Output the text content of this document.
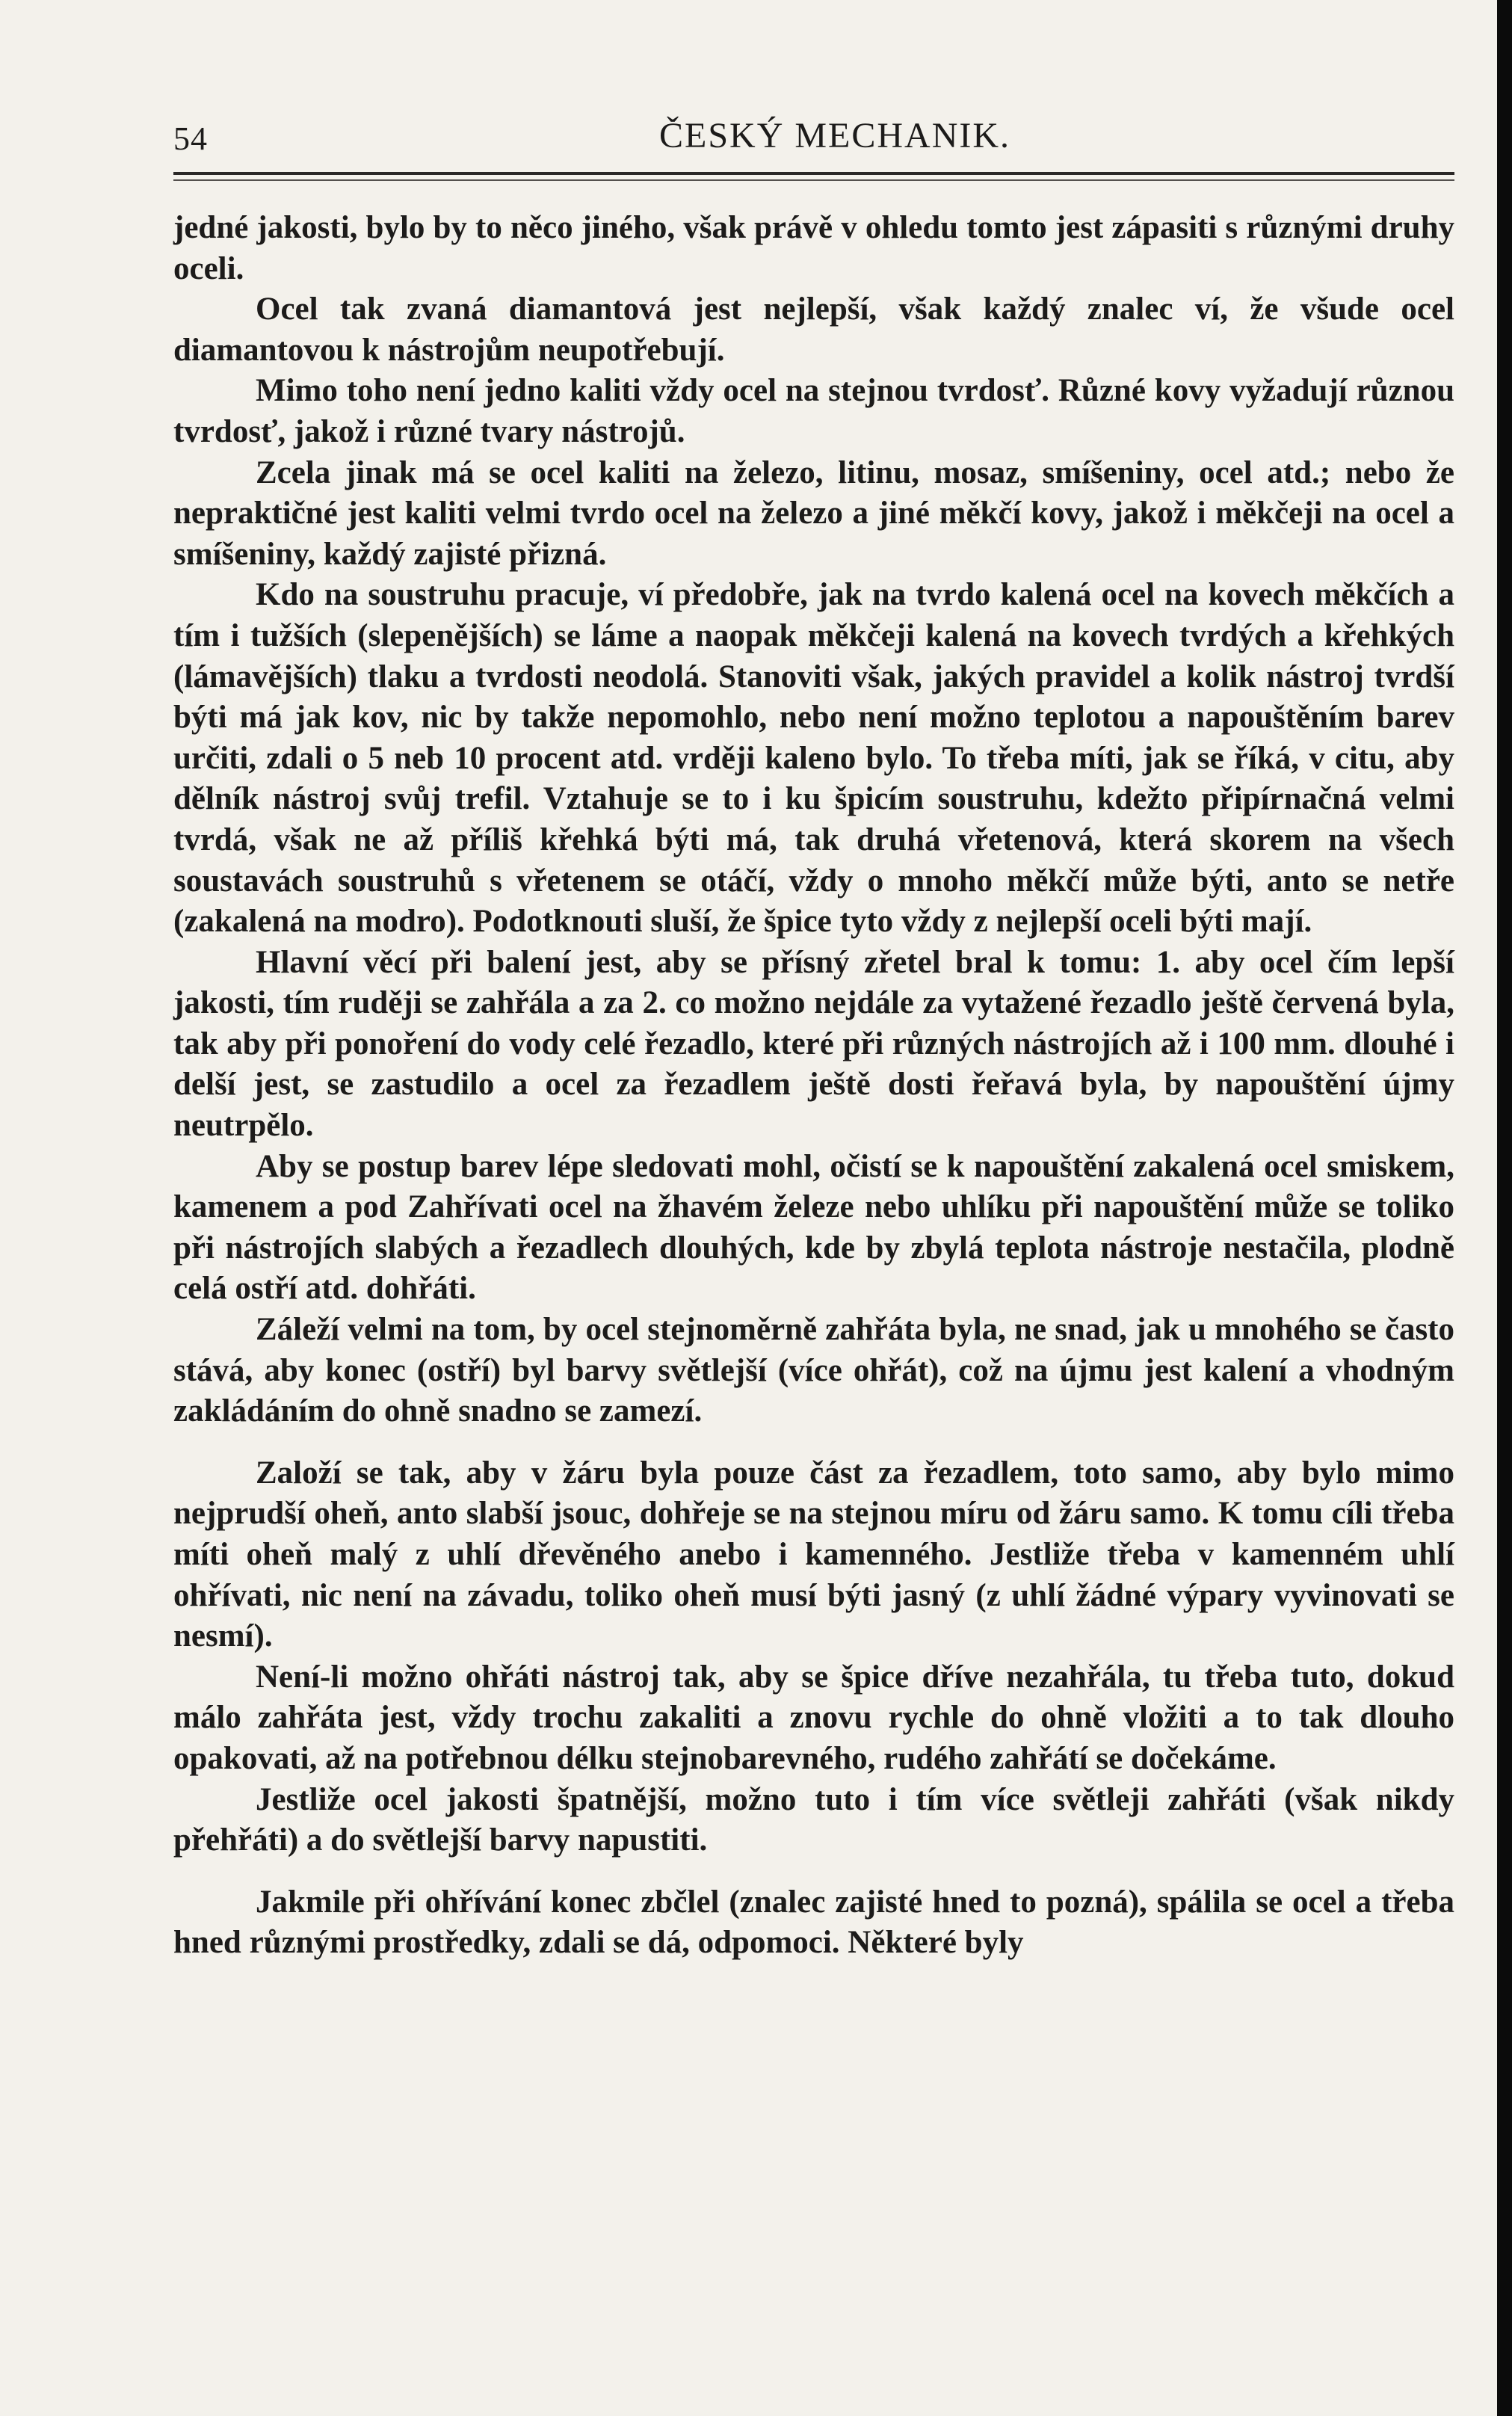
54	ČESKÝ MECHANIK.

jedné jakosti, bylo by to něco jiného, však právě v ohledu tomto jest zápasiti s různými druhy oceli.

Ocel tak zvaná diamantová jest nejlepší, však každý znalec ví, že všude ocel diamantovou k nástrojům neupotřebují.

Mimo toho není jedno kaliti vždy ocel na stejnou tvrdosť. Různé kovy vyžadují různou tvrdosť, jakož i různé tvary nástrojů.

Zcela jinak má se ocel kaliti na železo, litinu, mosaz, smíšeniny, ocel atd.; nebo že nepraktičné jest kaliti velmi tvrdo ocel na železo a jiné měkčí kovy, jakož i měkčeji na ocel a smíšeniny, každý zajisté přizná.

Kdo na soustruhu pracuje, ví předobře, jak na tvrdo kalená ocel na kovech měkčích a tím i tužších (slepenějších) se láme a naopak měkčeji kalená na kovech tvrdých a křehkých (lámavějších) tlaku a tvrdosti neodolá. Stanoviti však, jakých pravidel a kolik nástroj tvrdší býti má jak kov, nic by takže nepomohlo, nebo není možno teplotou a napouštěním barev určiti, zdali o 5 neb 10 procent atd. vrději kaleno bylo. To třeba míti, jak se říká, v citu, aby dělník nástroj svůj trefil. Vztahuje se to i ku špicím soustruhu, kdežto připírnačná velmi tvrdá, však ne až příliš křehká býti má, tak druhá vřetenová, která skorem na všech soustavách soustruhů s vřetenem se otáčí, vždy o mnoho měkčí může býti, anto se netře (zakalená na modro). Podotknouti sluší, že špice tyto vždy z nejlepší oceli býti mají.

Hlavní věcí při balení jest, aby se přísný zřetel bral k tomu: 1. aby ocel čím lepší jakosti, tím ruději se zahřála a za 2. co možno nejdále za vytažené řezadlo ještě červená byla, tak aby při ponoření do vody celé řezadlo, které při různých nástrojích až i 100 mm. dlouhé i delší jest, se zastudilo a ocel za řezadlem ještě dosti řeřavá byla, by napouštění újmy neutrpělo.

Aby se postup barev lépe sledovati mohl, očistí se k napouštění zakalená ocel smiskem, kamenem a pod Zahřívati ocel na žhavém železe nebo uhlíku při napouštění může se toliko při nástrojích slabých a řezadlech dlouhých, kde by zbylá teplota nástroje nestačila, plodně celá ostří atd. dohřáti.

Záleží velmi na tom, by ocel stejnoměrně zahřáta byla, ne snad, jak u mnohého se často stává, aby konec (ostří) byl barvy světlejší (více ohřát), což na újmu jest kalení a vhodným zakládáním do ohně snadno se zamezí.

Založí se tak, aby v žáru byla pouze část za řezadlem, toto samo, aby bylo mimo nejprudší oheň, anto slabší jsouc, dohřeje se na stejnou míru od žáru samo. K tomu cíli třeba míti oheň malý z uhlí dřevěného anebo i kamenného. Jestliže třeba v kamenném uhlí ohřívati, nic není na závadu, toliko oheň musí býti jasný (z uhlí žádné výpary vyvinovati se nesmí).

Není-li možno ohřáti nástroj tak, aby se špice dříve nezahřála, tu třeba tuto, dokud málo zahřáta jest, vždy trochu zakaliti a znovu rychle do ohně vložiti a to tak dlouho opakovati, až na potřebnou délku stejnobarevného, rudého zahřátí se dočekáme.

Jestliže ocel jakosti špatnější, možno tuto i tím více světleji zahřáti (však nikdy přehřáti) a do světlejší barvy napustiti.

Jakmile při ohřívání konec zbčlel (znalec zajisté hned to pozná), spálila se ocel a třeba hned různými prostředky, zdali se dá, odpomoci. Některé byly
